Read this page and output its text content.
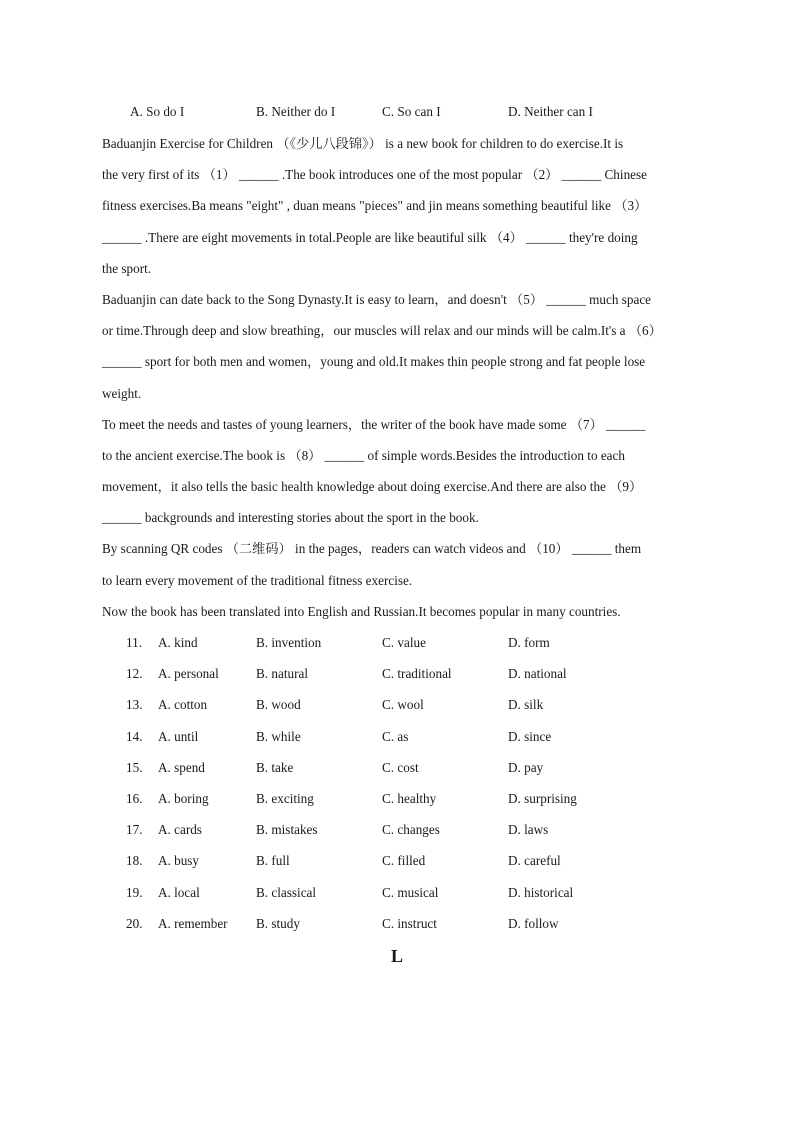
A. So do I	B. Neither do I	C. So can I	D. Neither can I
Baduanjin Exercise for Children （《少儿八段锦》） is a new book for children to do exercise.It is
the very first of its （1） ______ .The book introduces one of the most popular （2） ______ Chinese
fitness exercises.Ba means "eight" , duan means "pieces" and jin means something beautiful like （3）
______ .There are eight movements in total.People are like beautiful silk （4） ______ they're doing
the sport.
Baduanjin can date back to the Song Dynasty.It is easy to learn，and doesn't （5） ______ much space
or time.Through deep and slow breathing，our muscles will relax and our minds will be calm.It's a （6）
______ sport for both men and women，young and old.It makes thin people strong and fat people lose
weight.
To meet the needs and tastes of young learners，the writer of the book have made some （7） ______
to the ancient exercise.The book is （8） ______ of simple words.Besides the introduction to each
movement，it also tells the basic health knowledge about doing exercise.And there are also the （9）
______ backgrounds and interesting stories about the sport in the book.
By scanning QR codes （二维码） in the pages，readers can watch videos and （10） ______ them
to learn every movement of the traditional fitness exercise.
Now the book has been translated into English and Russian.It becomes popular in many countries.
11. A. kind	B. invention	C. value	D. form
12. A. personal	B. natural	C. traditional	D. national
13. A. cotton	B. wood	C. wool	D. silk
14. A. until	B. while	C. as	D. since
15. A. spend	B. take	C. cost	D. pay
16. A. boring	B. exciting	C. healthy	D. surprising
17. A. cards	B. mistakes	C. changes	D. laws
18. A. busy	B. full	C. filled	D. careful
19. A. local	B. classical	C. musical	D. historical
20. A. remember B. study	C. instruct	D. follow
L
